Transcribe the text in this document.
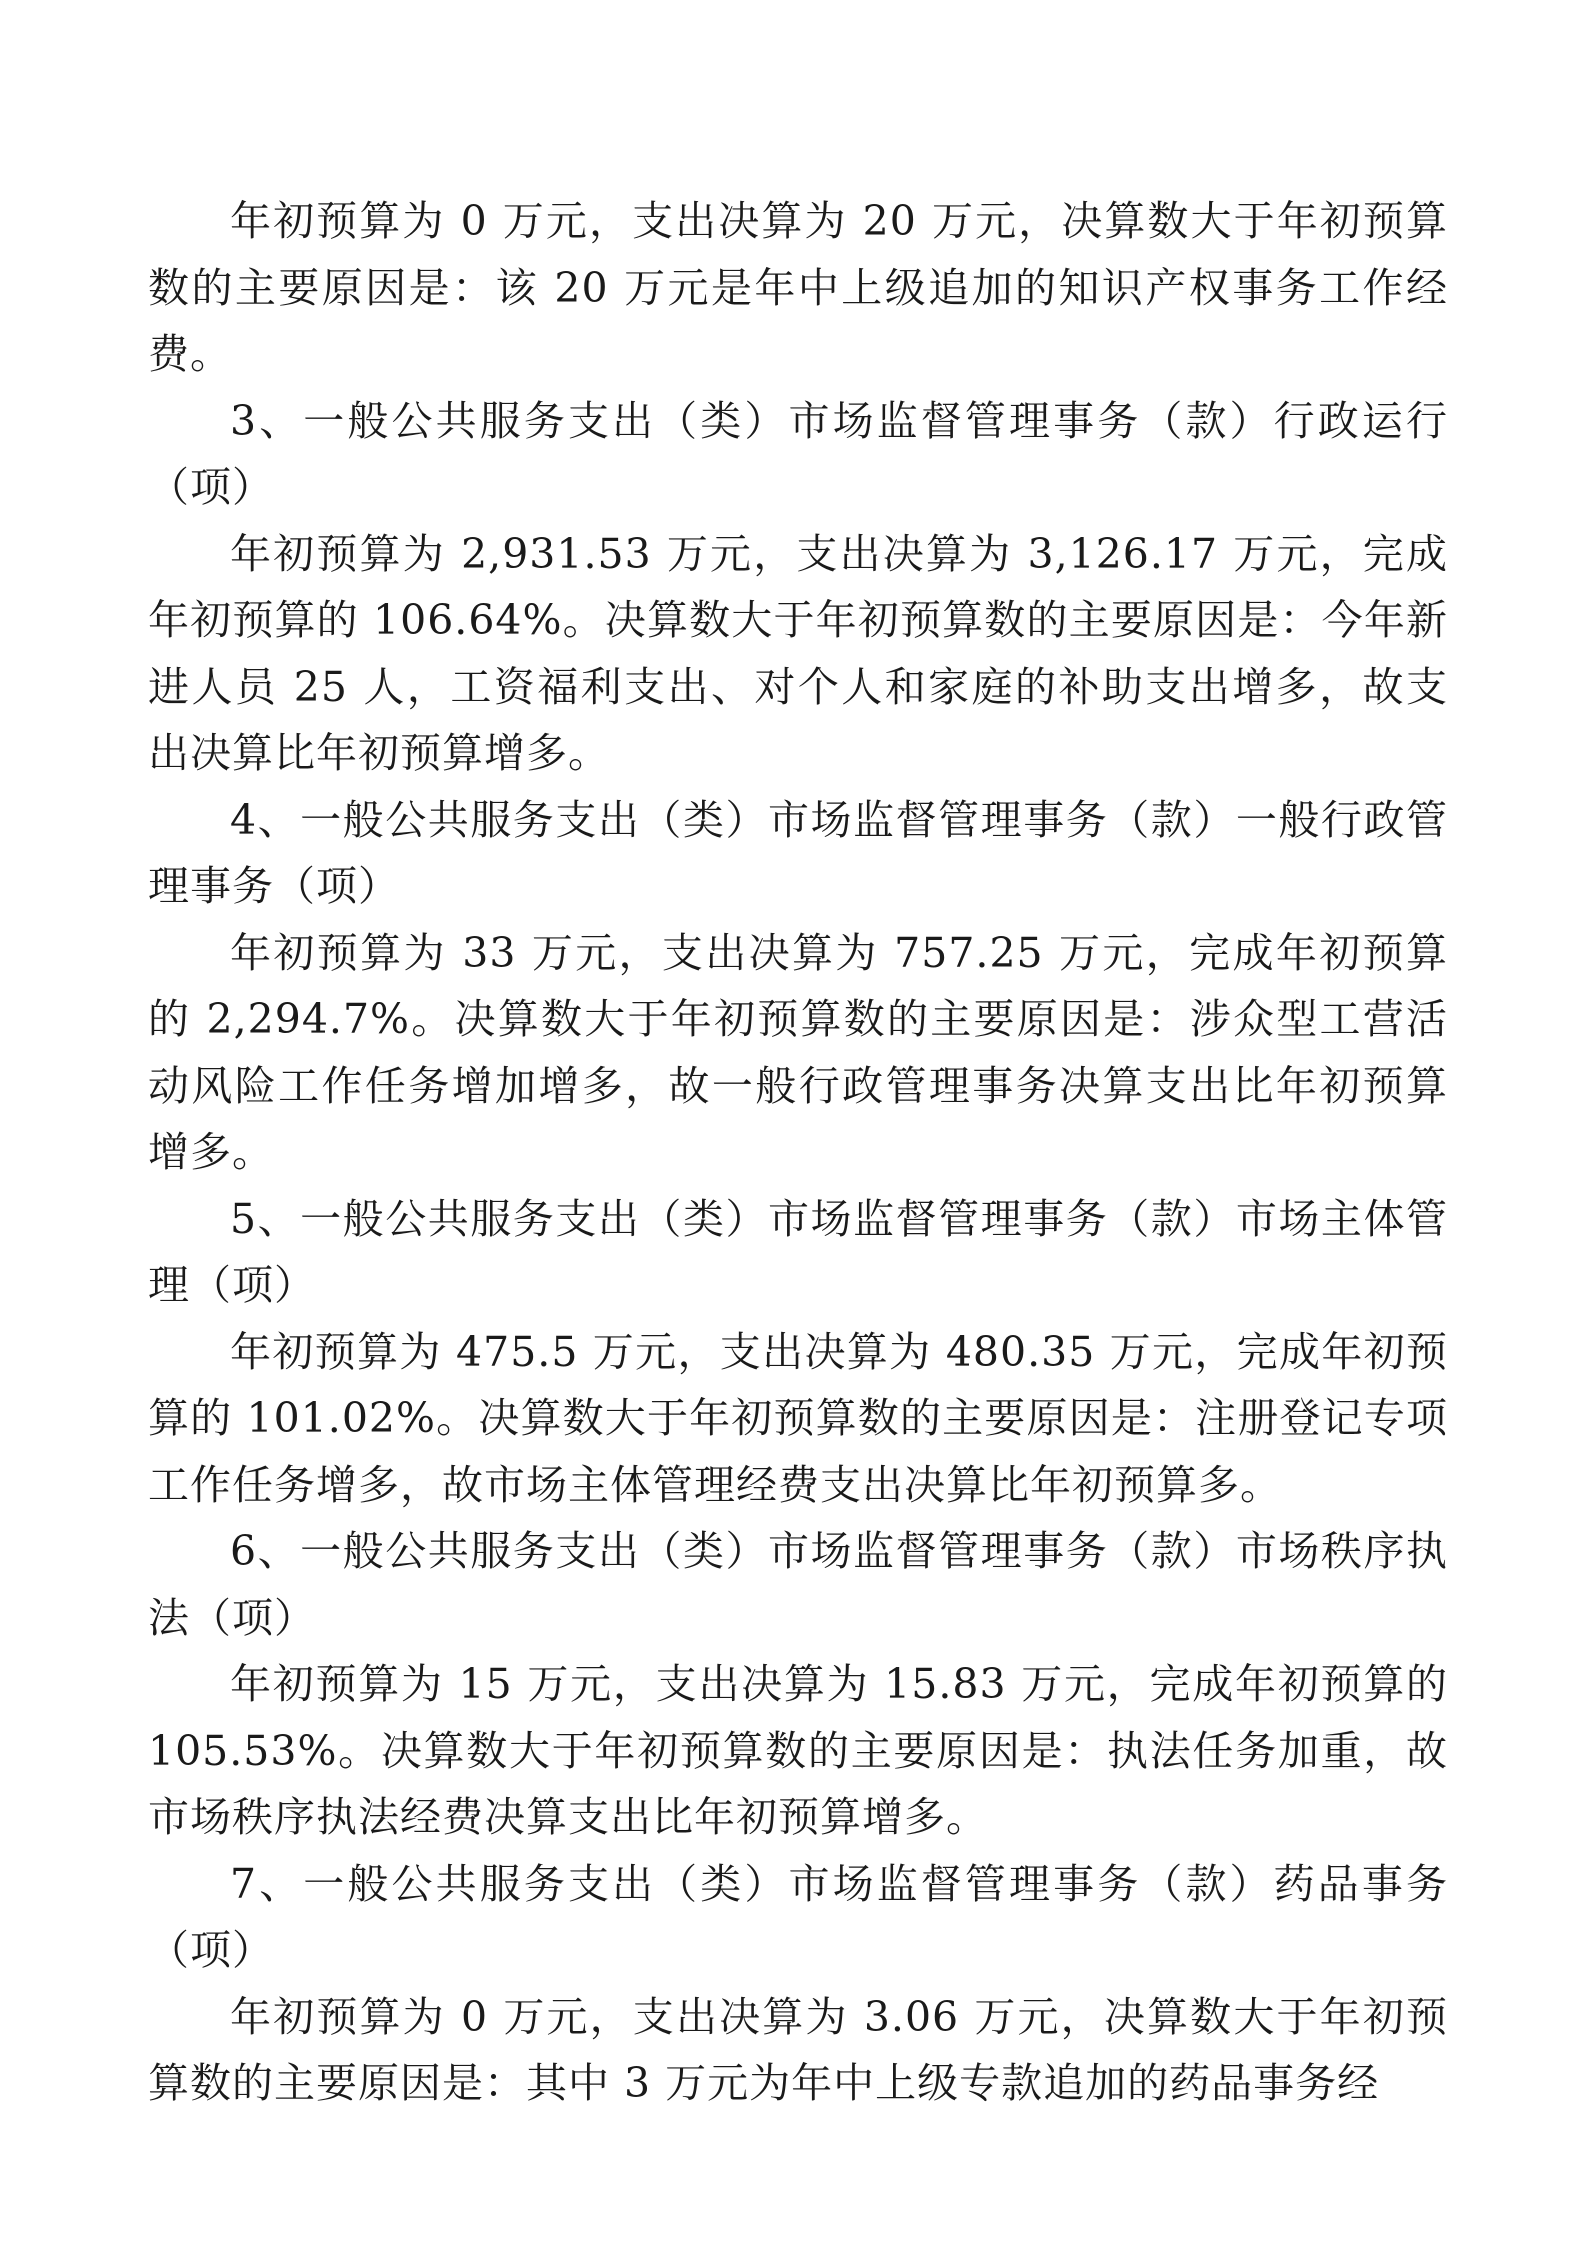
年初预算为 0 万元，支出决算为 20 万元，决算数大于年初预算数的主要原因是：该 20 万元是年中上级追加的知识产权事务工作经费。

3、一般公共服务支出（类）市场监督管理事务（款）行政运行（项）

年初预算为 2,931.53 万元，支出决算为 3,126.17 万元，完成年初预算的 106.64%。决算数大于年初预算数的主要原因是：今年新进人员 25 人，工资福利支出、对个人和家庭的补助支出增多，故支出决算比年初预算增多。

4、一般公共服务支出（类）市场监督管理事务（款）一般行政管理事务（项）

年初预算为 33 万元，支出决算为 757.25 万元，完成年初预算的 2,294.7%。决算数大于年初预算数的主要原因是：涉众型工营活动风险工作任务增加增多，故一般行政管理事务决算支出比年初预算增多。

5、一般公共服务支出（类）市场监督管理事务（款）市场主体管理（项）

年初预算为 475.5 万元，支出决算为 480.35 万元，完成年初预算的 101.02%。决算数大于年初预算数的主要原因是：注册登记专项工作任务增多，故市场主体管理经费支出决算比年初预算多。

6、一般公共服务支出（类）市场监督管理事务（款）市场秩序执法（项）

年初预算为 15 万元，支出决算为 15.83 万元，完成年初预算的 105.53%。决算数大于年初预算数的主要原因是：执法任务加重，故市场秩序执法经费决算支出比年初预算增多。

7、一般公共服务支出（类）市场监督管理事务（款）药品事务（项）

年初预算为 0 万元，支出决算为 3.06 万元，决算数大于年初预算数的主要原因是：其中 3 万元为年中上级专款追加的药品事务经
